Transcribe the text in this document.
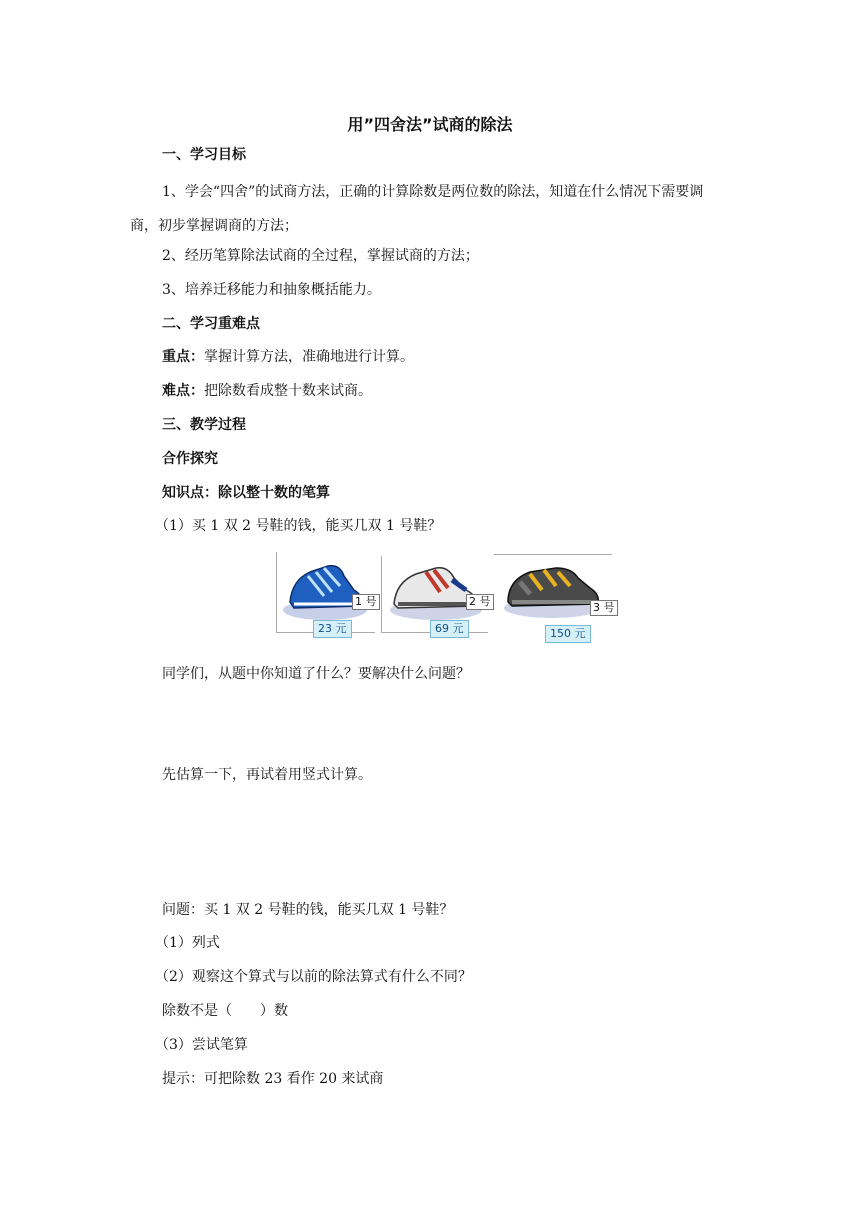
用”四舍法”试商的除法
一、学习目标
1、学会“四舍”的试商方法，正确的计算除数是两位数的除法，知道在什么情况下需要调商，初步掌握调商的方法；
2、经历笔算除法试商的全过程，掌握试商的方法；
3、培养迁移能力和抽象概括能力。
二、学习重难点
重点：掌握计算方法，准确地进行计算。
难点：把除数看成整十数来试商。
三、教学过程
合作探究
知识点：除以整十数的笔算
（1）买 1 双 2 号鞋的钱，能买几双 1 号鞋？
1 号
23 元
2 号
69 元
3 号
150 元
同学们，从题中你知道了什么？要解决什么问题？
先估算一下，再试着用竖式计算。
问题：买 1 双 2 号鞋的钱，能买几双 1 号鞋？
（1）列式
（2）观察这个算式与以前的除法算式有什么不同？
除数不是（　　）数
（3）尝试笔算
提示：可把除数 23 看作 20 来试商
